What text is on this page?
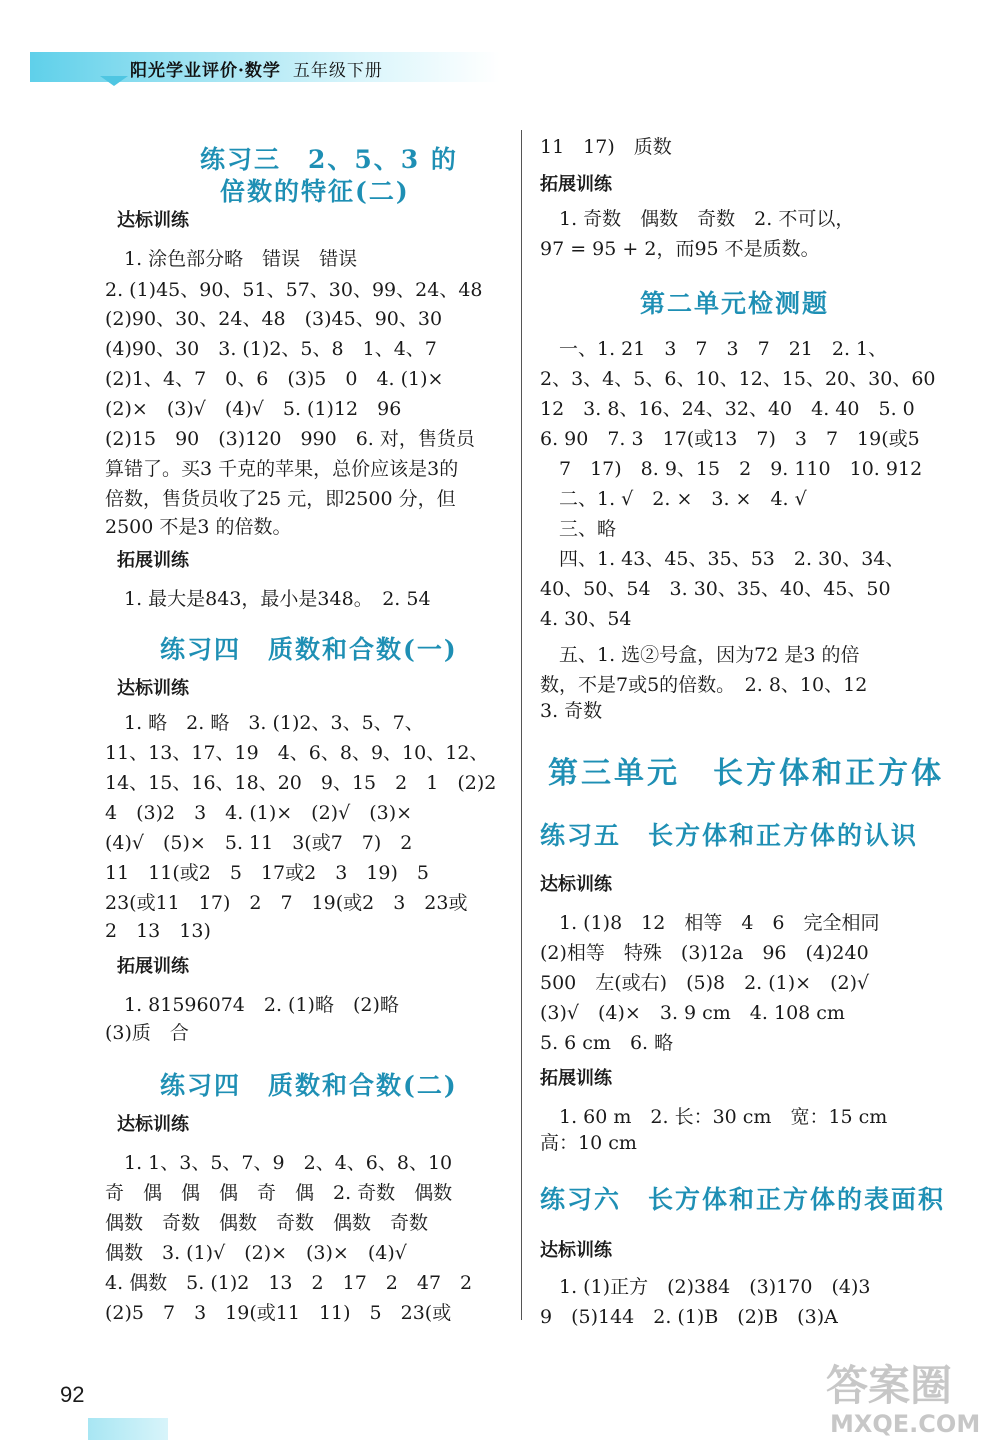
阳光学业评价·数学 五年级下册
练习三　2、5、3 的
倍数的特征(二)
达标训练
　1. 涂色部分略　错误　错误
2. (1)45、90、51、57、30、99、24、48
(2)90、30、24、48　(3)45、90、30
(4)90、30　3. (1)2、5、8　1、4、7
(2)1、4、7　0、6　(3)5　0　4. (1)×
(2)×　(3)√　(4)√　5. (1)12　96
(2)15　90　(3)120　990　6. 对，售货员
算错了。买3 千克的苹果，总价应该是3的
倍数，售货员收了25 元，即2500 分，但
2500 不是3 的倍数。
拓展训练
　1. 最大是843，最小是348。　2. 54
练习四　质数和合数(一)
达标训练
　1. 略　2. 略　3. (1)2、3、5、7、
11、13、17、19　4、6、8、9、10、12、
14、15、16、18、20　9、15　2　1　(2)2
4　(3)2　3　4. (1)×　(2)√　(3)×
(4)√　(5)×　5. 11　3(或7　7)　2
11　11(或2　5　17或2　3　19)　5
23(或11　17)　2　7　19(或2　3　23或
2　13　13)
拓展训练
　1. 81596074　2. (1)略　(2)略
(3)质　合
练习四　质数和合数(二)
达标训练
　1. 1、3、5、7、9　2、4、6、8、10
奇　偶　偶　偶　奇　偶　2. 奇数　偶数
偶数　奇数　偶数　奇数　偶数　奇数
偶数　3. (1)√　(2)×　(3)×　(4)√
4. 偶数　5. (1)2　13　2　17　2　47　2
(2)5　7　3　19(或11　11)　5　23(或
11　17)　质数
拓展训练
　1. 奇数　偶数　奇数　2. 不可以，
97 = 95 + 2，而95 不是质数。
第二单元检测题
　一、1. 21　3　7　3　7　21　2. 1、
2、3、4、5、6、10、12、15、20、30、60
12　3. 8、16、24、32、40　4. 40　5. 0
6. 90　7. 3　17(或13　7)　3　7　19(或5
　7　17)　8. 9、15　2　9. 110　10. 912
　二、1. √　2. ×　3. ×　4. √
　三、略
　四、1. 43、45、35、53　2. 30、34、
40、50、54　3. 30、35、40、45、50
4. 30、54
　五、1. 选②号盒，因为72 是3 的倍
数，不是7或5的倍数。　2. 8、10、12
3. 奇数
第三单元　长方体和正方体
练习五　长方体和正方体的认识
达标训练
　1. (1)8　12　相等　4　6　完全相同
(2)相等　特殊　(3)12a　96　(4)240
500　左(或右)　(5)8　2. (1)×　(2)√
(3)√　(4)×　3. 9 cm　4. 108 cm
5. 6 cm　6. 略
拓展训练
　1. 60 m　2. 长：30 cm　宽：15 cm
高：10 cm
练习六　长方体和正方体的表面积
达标训练
　1. (1)正方　(2)384　(3)170　(4)3
9　(5)144　2. (1)B　(2)B　(3)A
92	答案圈
MXQE.COM
